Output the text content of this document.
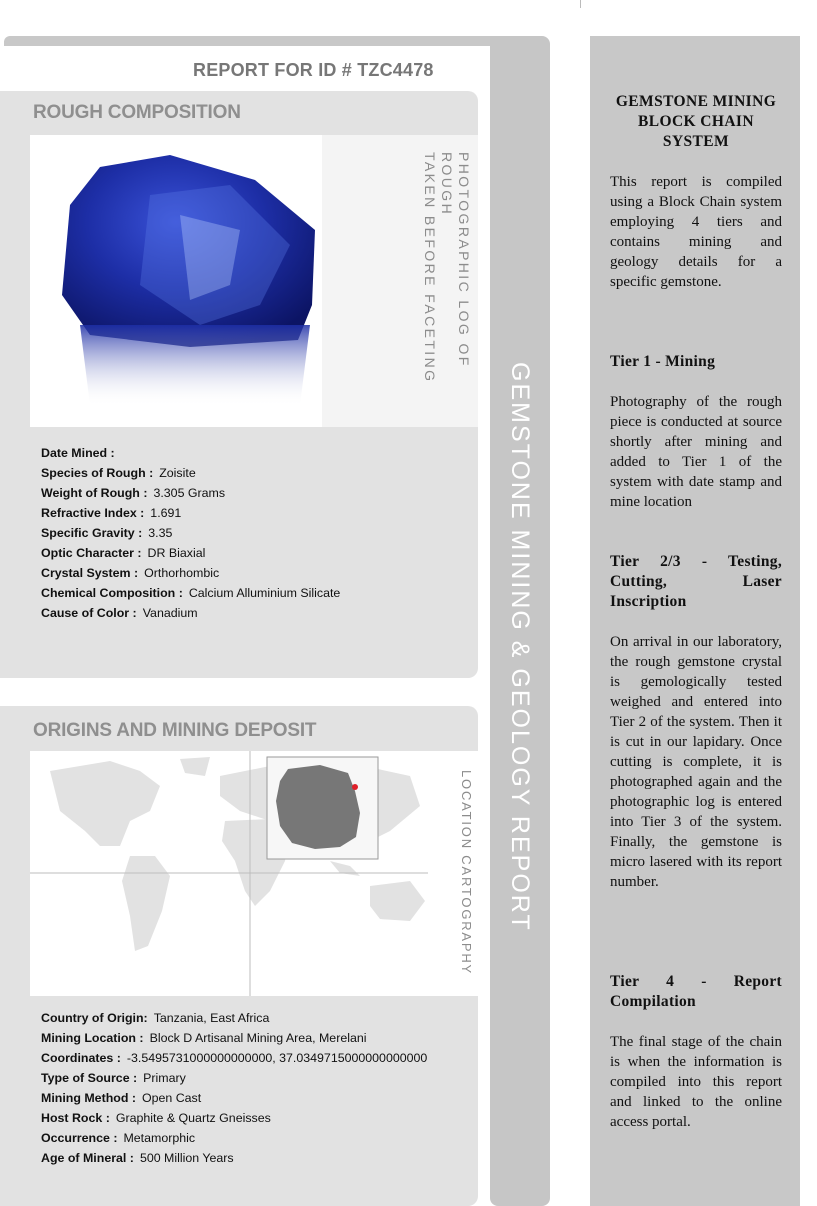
REPORT FOR ID # TZC4478
ROUGH COMPOSITION
PHOTOGRAPHIC LOG OF ROUGH
TAKEN BEFORE FACETING
Date Mined :
Species of Rough : Zoisite
Weight of Rough : 3.305 Grams
Refractive Index : 1.691
Specific Gravity : 3.35
Optic Character : DR Biaxial
Crystal System : Orthorhombic
Chemical Composition : Calcium Alluminium Silicate
Cause of Color : Vanadium
ORIGINS AND MINING DEPOSIT
LOCATION CARTOGRAPHY
Country of Origin: Tanzania, East Africa
Mining Location : Block D Artisanal Mining Area, Merelani
Coordinates : -3.5495731000000000000, 37.0349715000000000000
Type of Source : Primary
Mining Method : Open Cast
Host Rock : Graphite & Quartz Gneisses
Occurrence : Metamorphic
Age of Mineral : 500 Million Years
GEMSTONE MINING & GEOLOGY REPORT
GEMSTONE MINING BLOCK CHAIN SYSTEM
This report is compiled using a Block Chain system employing 4 tiers and contains mining and geology details for a specific gemstone.
Tier 1 - Mining
Photography of the rough piece is conducted at source shortly after mining and added to Tier 1 of the system with date stamp and mine location
Tier 2/3 - Testing, Cutting, Laser Inscription
On arrival in our laboratory, the rough gemstone crystal is gemologically tested weighed and entered into Tier 2 of the system. Then it is cut in our lapidary. Once cutting is complete, it is photographed again and the photographic log is entered into Tier 3 of the system. Finally, the gemstone is micro lasered with its report number.
Tier 4 - Report Compilation
The final stage of the chain is when the information is compiled into this report and linked to the online access portal.
